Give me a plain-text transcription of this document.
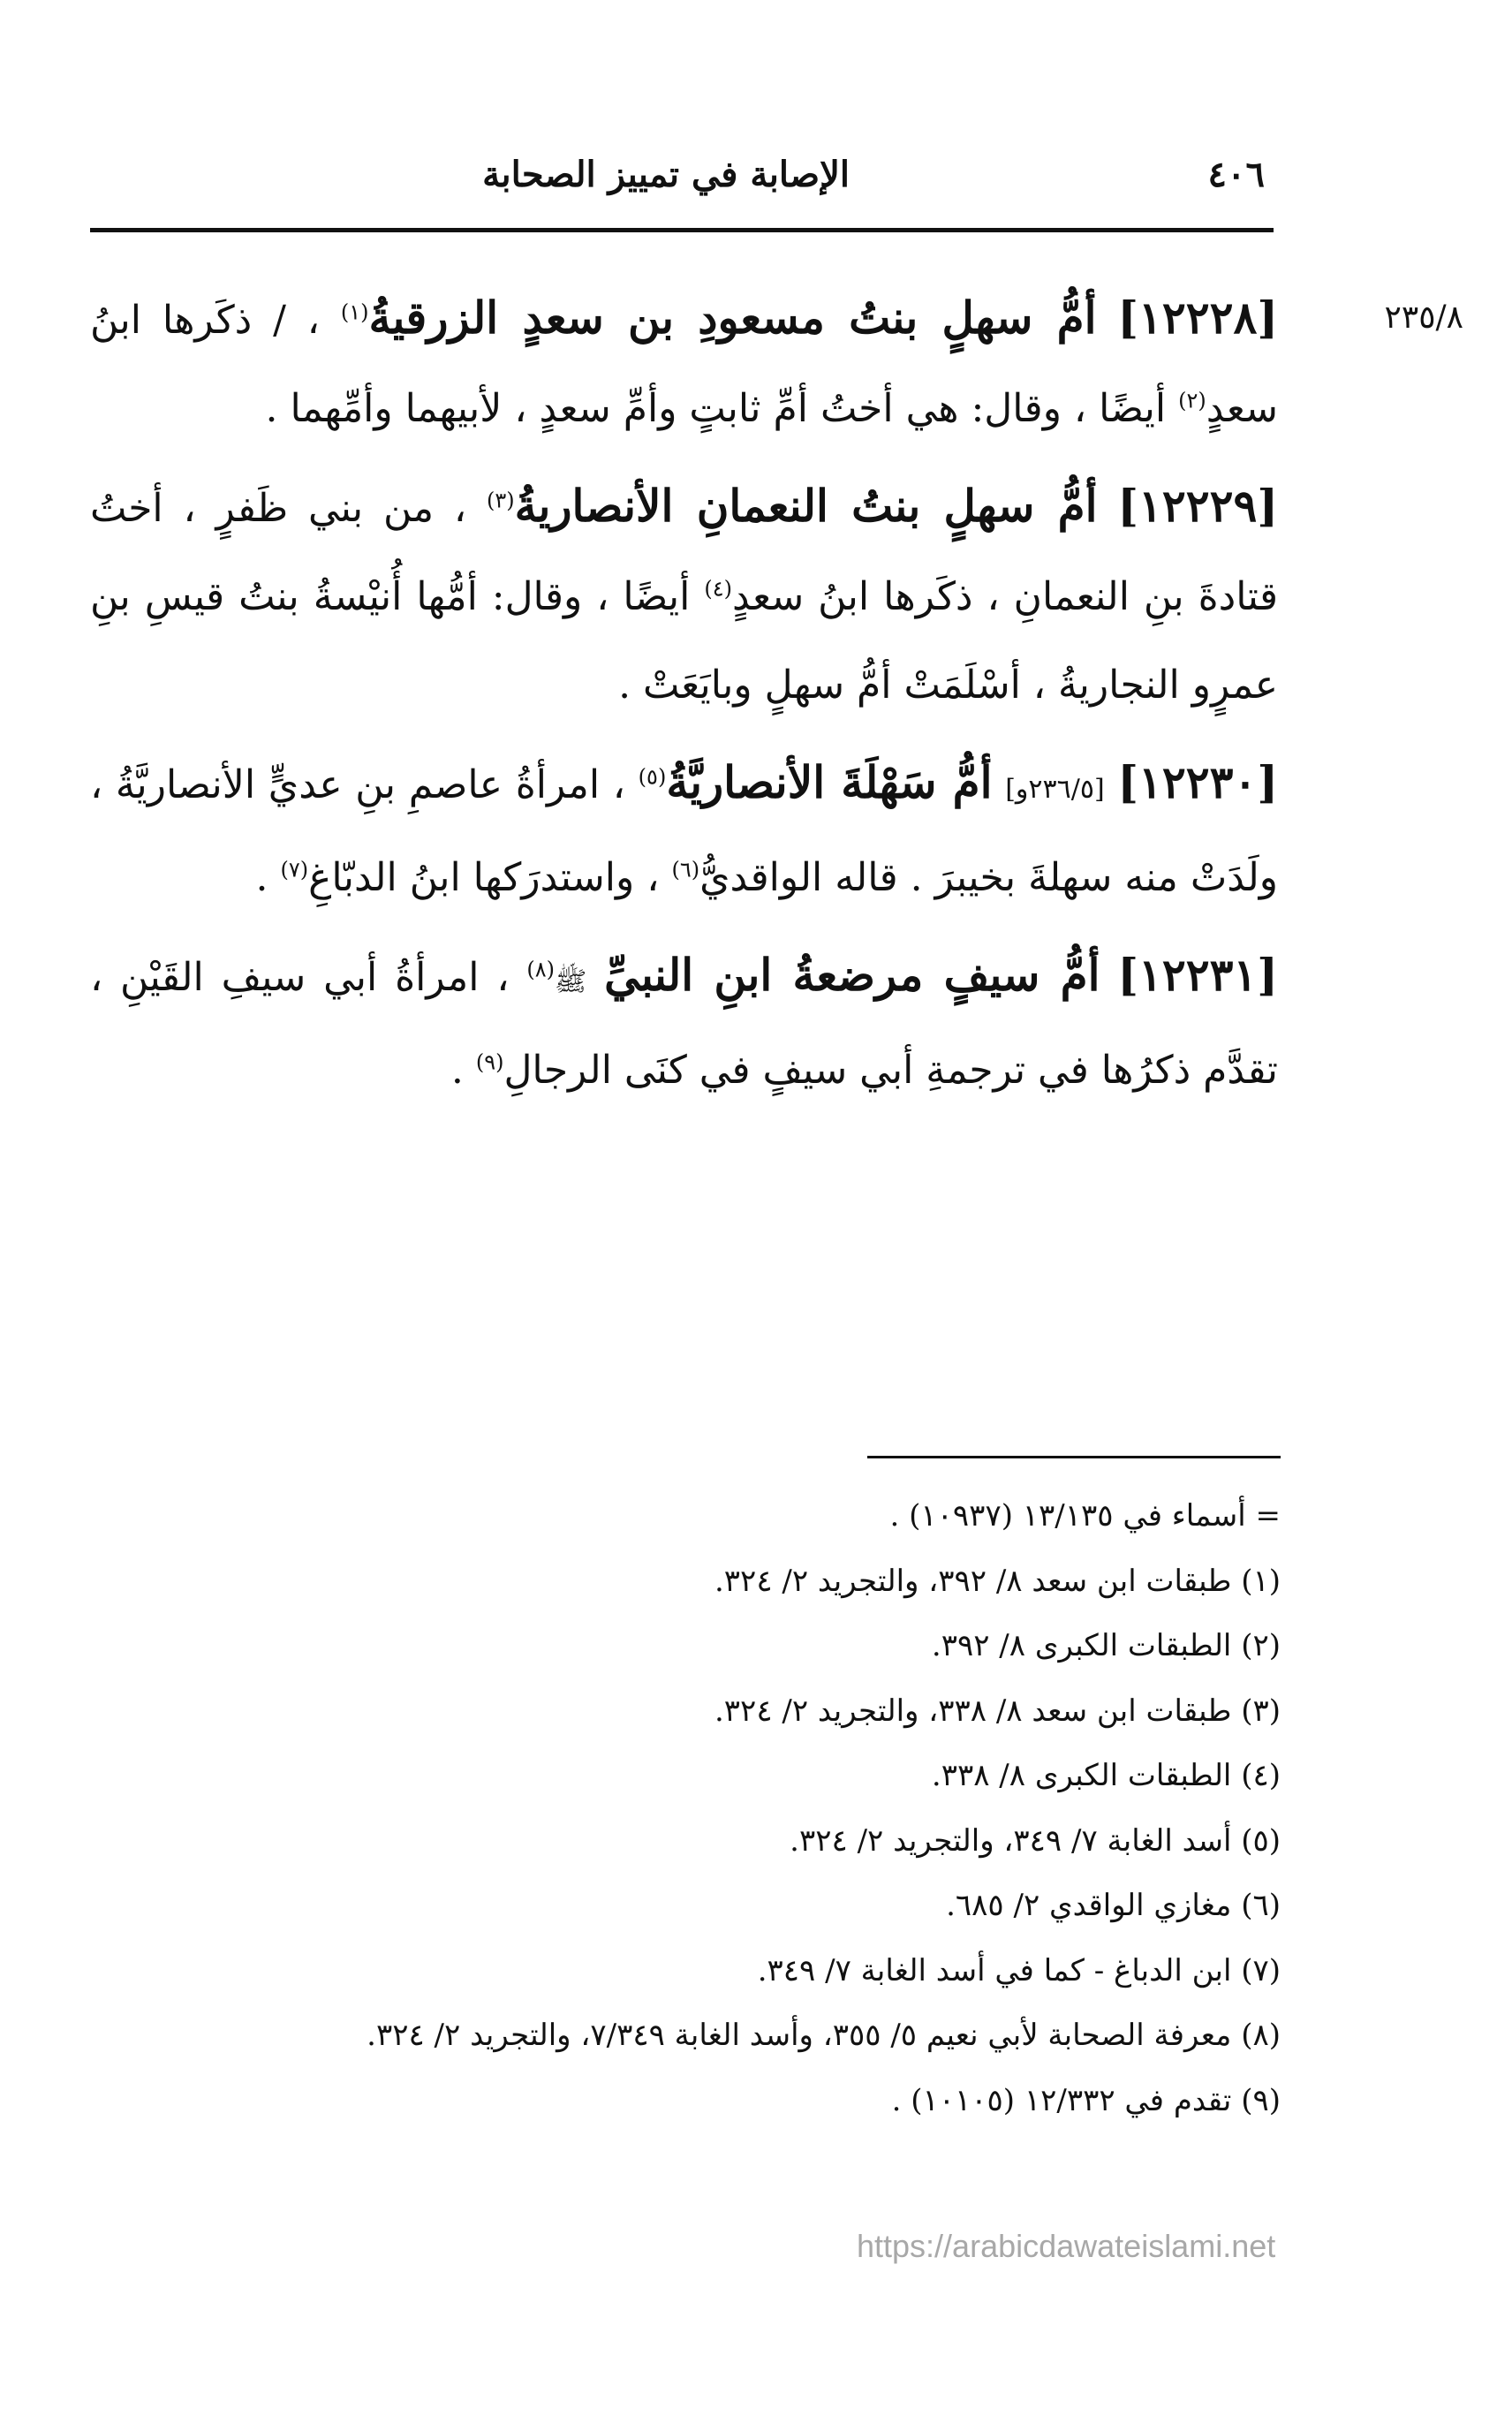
٤٠٦
الإصابة في تمييز الصحابة

٢٣٥/٨
[١٢٢٢٨] أمُّ سهلٍ بنتُ مسعودِ بن سعدٍ الزرقيةُ$^{(١)}$ ، / ذكَرها ابنُ سعدٍ$^{(٢)}$ أيضًا ، وقال: هي أختُ أمِّ ثابتٍ وأمِّ سعدٍ ، لأبيهما وأمِّهما .

[١٢٢٢٩] أمُّ سهلٍ بنتُ النعمانِ الأنصاريةُ$^{(٣)}$ ، من بني ظَفرٍ ، أختُ قتادةَ بنِ النعمانِ ، ذكَرها ابنُ سعدٍ$^{(٤)}$ أيضًا ، وقال: أمُّها أُنيْسةُ بنتُ قيسِ بنِ عمرٍو النجاريةُ ، أسْلَمَتْ أمُّ سهلٍ وبايَعَتْ .

[١٢٢٣٠] [٢٣٦/٥و] أمُّ سَهْلَةَ الأنصاريَّةُ$^{(٥)}$ ، امرأةُ عاصمِ بنِ عديٍّ الأنصاريَّةُ ، ولَدَتْ منه سهلةَ بخيبرَ . قاله الواقديُّ$^{(٦)}$ ، واستدرَكها ابنُ الدبّاغِ$^{(٧)}$ .

[١٢٢٣١] أمُّ سيفٍ مرضعةُ ابنِ النبيِّ ﷺ$^{(٨)}$ ، امرأةُ أبي سيفِ القَيْنِ ، تقدَّم ذكرُها في ترجمةِ أبي سيفٍ في كنَى الرجالِ$^{(٩)}$ .

= أسماء في ١٣/١٣٥ (١٠٩٣٧) .

(١) طبقات ابن سعد ٨/ ٣٩٢، والتجريد ٢/ ٣٢٤.

(٢) الطبقات الكبرى ٨/ ٣٩٢.

(٣) طبقات ابن سعد ٨/ ٣٣٨، والتجريد ٢/ ٣٢٤.

(٤) الطبقات الكبرى ٨/ ٣٣٨.

(٥) أسد الغابة ٧/ ٣٤٩، والتجريد ٢/ ٣٢٤.

(٦) مغازي الواقدي ٢/ ٦٨٥.

(٧) ابن الدباغ - كما في أسد الغابة ٧/ ٣٤٩.

(٨) معرفة الصحابة لأبي نعيم ٥/ ٣٥٥، وأسد الغابة ٧/٣٤٩، والتجريد ٢/ ٣٢٤.

(٩) تقدم في ١٢/٣٣٢ (١٠١٠٥) .

https://arabicdawateislami.net
